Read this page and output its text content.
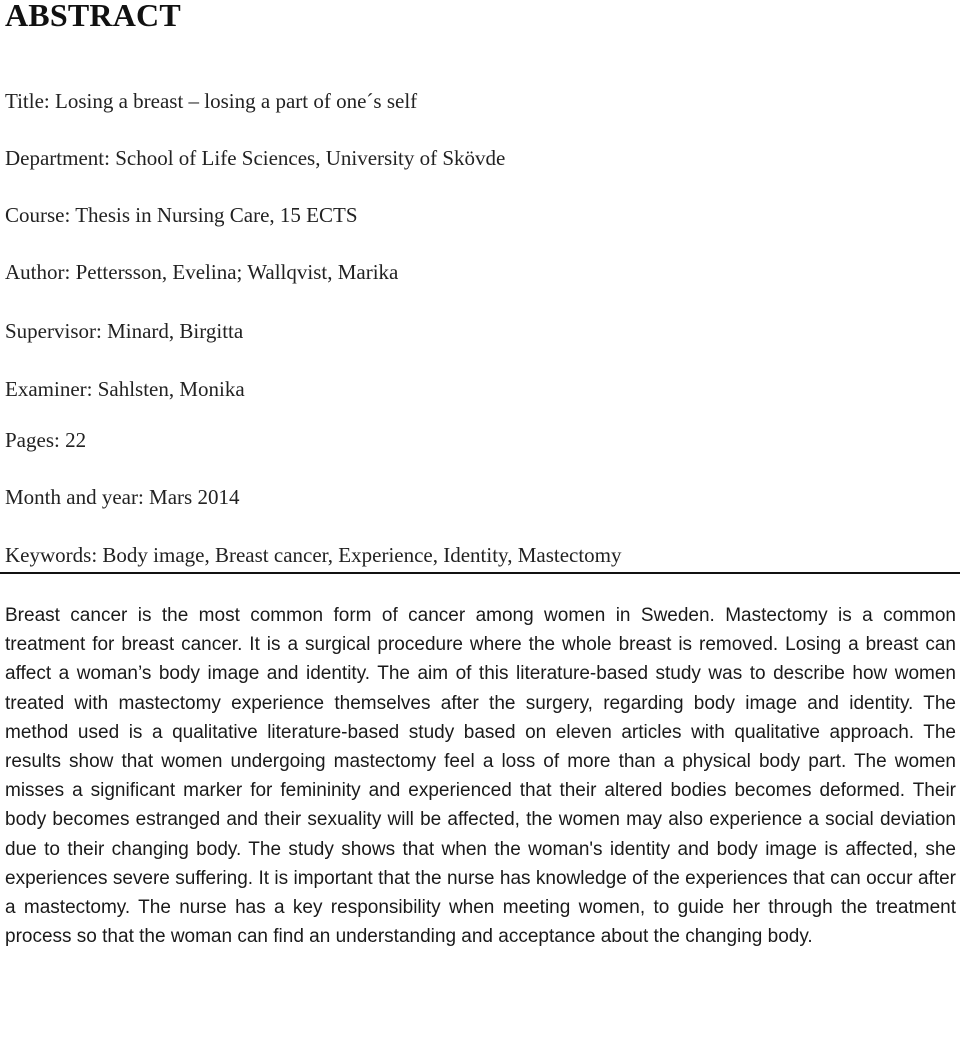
ABSTRACT

Title: Losing a breast – losing a part of one´s self

Department: School of Life Sciences, University of Skövde

Course: Thesis in Nursing Care, 15 ECTS

Author: Pettersson, Evelina; Wallqvist, Marika

Supervisor: Minard, Birgitta

Examiner: Sahlsten, Monika

Pages: 22

Month and year: Mars 2014

Keywords: Body image, Breast cancer, Experience, Identity, Mastectomy

Breast cancer is the most common form of cancer among women in Sweden. Mastectomy is a common treatment for breast cancer. It is a surgical procedure where the whole breast is removed. Losing a breast can affect a woman’s body image and identity. The aim of this literature-based study was to describe how women treated with mastectomy experience themselves after the surgery, regarding body image and identity. The method used is a qualitative literature-based study based on eleven articles with qualitative approach. The results show that women undergoing mastectomy feel a loss of more than a physical body part. The women misses a significant marker for femininity and experienced that their altered bodies becomes deformed. Their body becomes estranged and their sexuality will be affected, the women may also experience a social deviation due to their changing body. The study shows that when the woman's identity and body image is affected, she experiences severe suffering. It is important that the nurse has knowledge of the experiences that can occur after a mastectomy. The nurse has a key responsibility when meeting women, to guide her through the treatment process so that the woman can find an understanding and acceptance about the changing body.
